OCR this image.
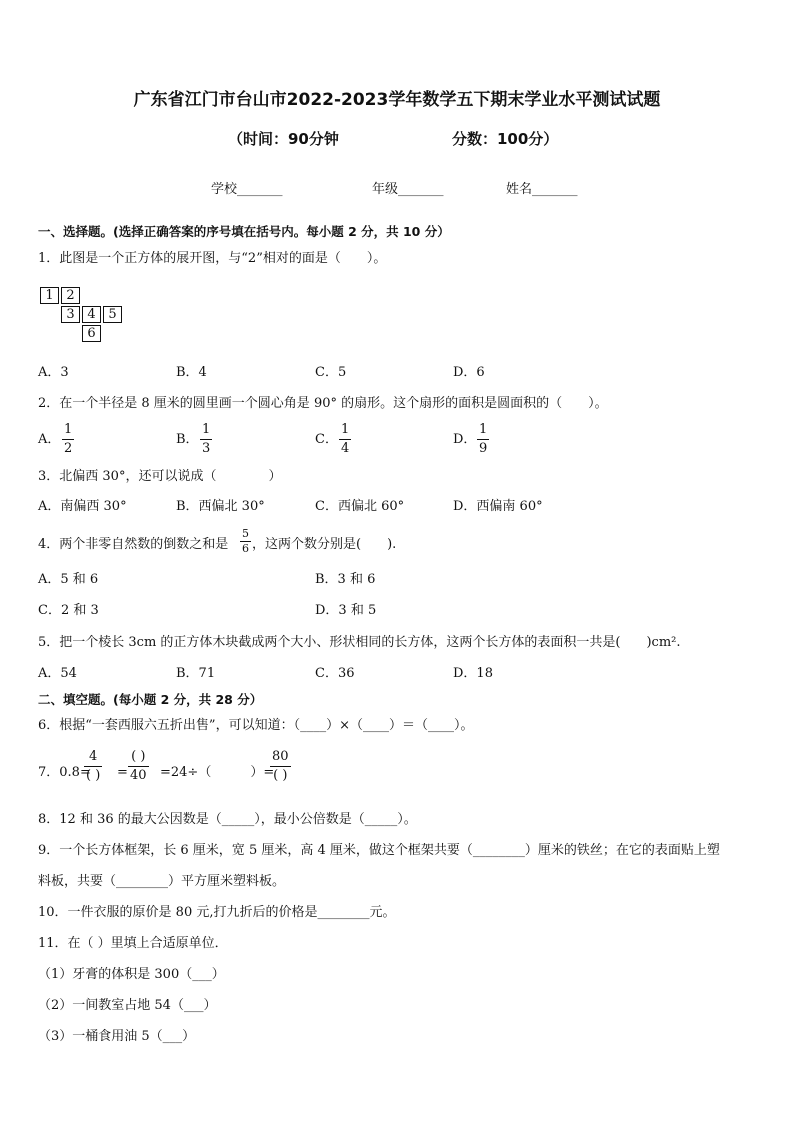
广东省江门市台山市2022-2023学年数学五下期末学业水平测试试题
（时间：90分钟	分数：100分）
学校_______	年级_______	姓名_______
一、选择题。(选择正确答案的序号填在括号内。每小题 2 分，共 10 分）
1．此图是一个正方体的展开图，与“2”相对的面是（　　）。
1 2
3 4 5
6
A．3	B．4	C．5	D．6
2．在一个半径是 8 厘米的圆里画一个圆心角是 90° 的扇形。这个扇形的面积是圆面积的（　　）。
A．
1
2
B．
1
3
C．
1
4
D．
1
9
3．北偏西 30°，还可以说成（　　　　）
A．南偏西 30°	B．西偏北 30°	C．西偏北 60°	D．西偏南 60°
4．两个非零自然数的倒数之和是
5
6 ，这两个数分别是(　　).
A．5 和 6	B．3 和 6
C．2 和 3	D．3 和 5
5．把一个棱长 3cm 的正方体木块截成两个大小、形状相同的长方体，这两个长方体的表面积一共是(　　)cm².
A．54	B．71	C．36	D．18
二、填空题。(每小题 2 分，共 28 分）
6．根据“一套西服六五折出售”，可以知道：（____）×（____）＝（____）。
7．0.8=
4
( ) =
( )
40 =24÷（　　　）=
80
( )
8．12 和 36 的最大公因数是（_____），最小公倍数是（_____）。
9．一个长方体框架，长 6 厘米，宽 5 厘米，高 4 厘米，做这个框架共要（________）厘米的铁丝；在它的表面贴上塑
料板，共要（________）平方厘米塑料板。
10．一件衣服的原价是 80 元,打九折后的价格是________元。
11．在（ ）里填上合适原单位．
（1）牙膏的体积是 300（___）
（2）一间教室占地 54（___）
（3）一桶食用油 5（___）
